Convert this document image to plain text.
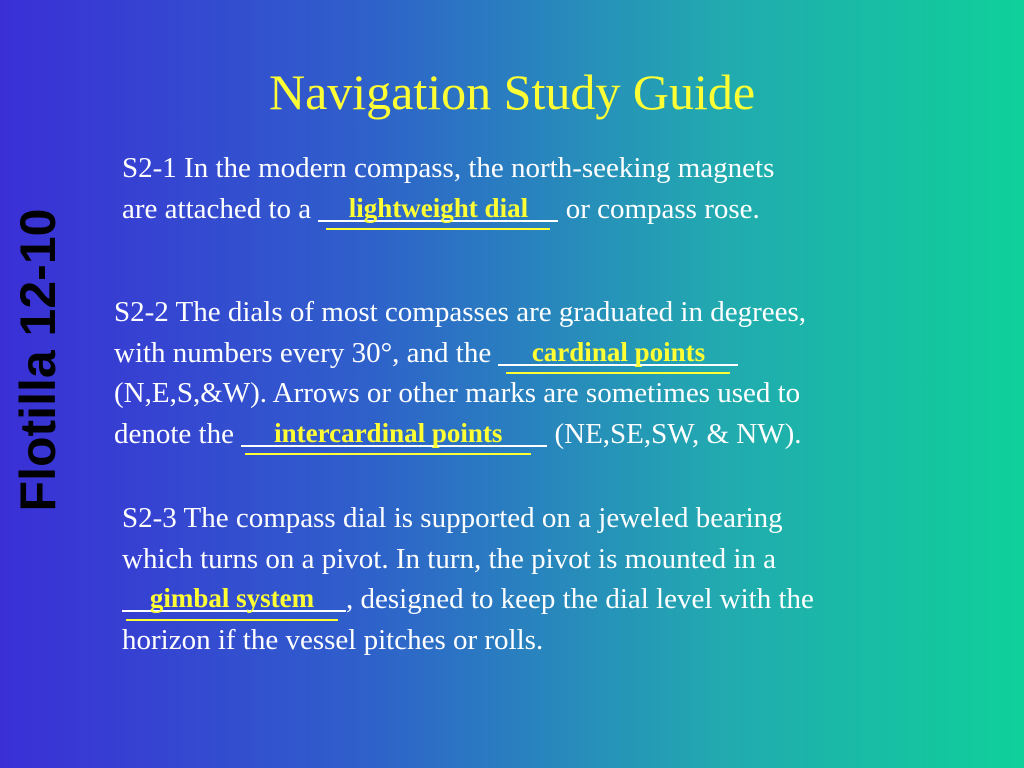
Navigation Study Guide
Flotilla 12-10
S2-1 In the modern compass, the north-seeking magnets
are attached to a	lightweight dial	or compass rose.
S2-2 The dials of most compasses are graduated in degrees,
with numbers every 30°, and the	cardinal points
(N,E,S,&W). Arrows or other marks are sometimes used to
denote the	intercardinal points	(NE,SE,SW, & NW).
S2-3 The compass dial is supported on a jeweled bearing
which turns on a pivot. In turn, the pivot is mounted in a
gimbal system	, designed to keep the dial level with the
horizon if the vessel pitches or rolls.
